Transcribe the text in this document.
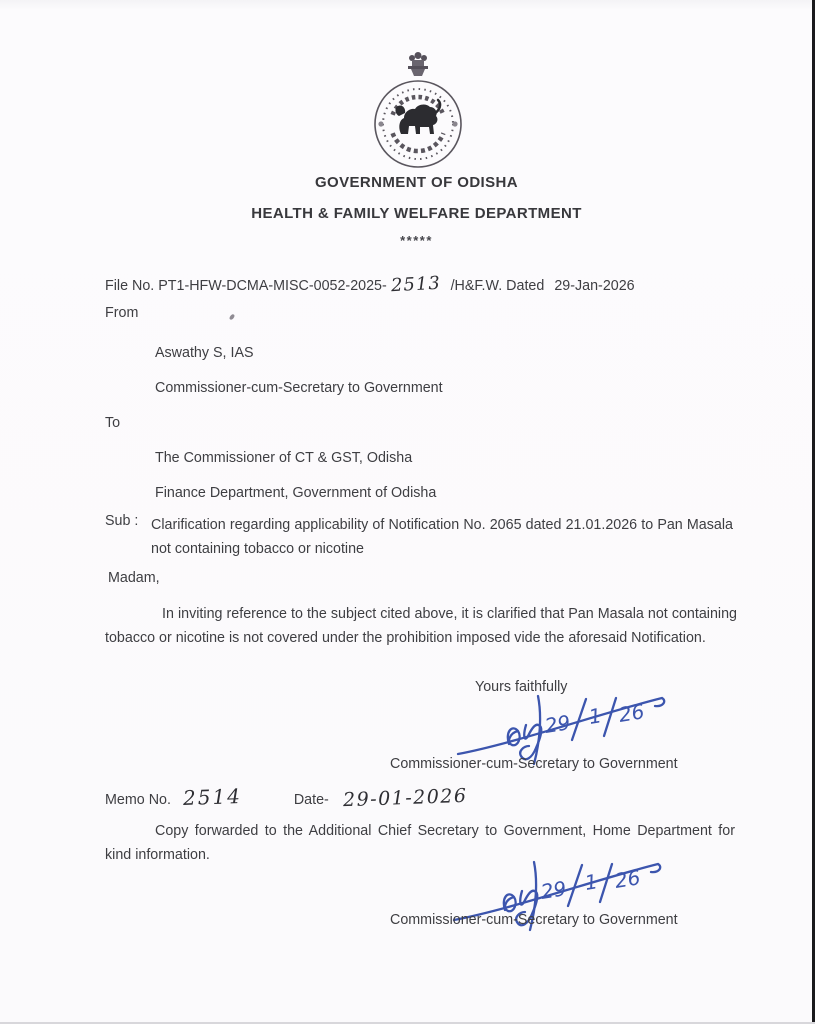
GOVERNMENT OF ODISHA
HEALTH & FAMILY WELFARE DEPARTMENT
*****
File No. PT1-HFW-DCMA-MISC-0052-2025- 2513 /H&F.W. Dated 29-Jan-2026
From
Aswathy S, IAS
Commissioner-cum-Secretary to Government
To
The Commissioner of CT & GST, Odisha
Finance Department, Government of Odisha
Sub : Clarification regarding applicability of Notification No. 2065 dated 21.01.2026 to Pan Masala not containing tobacco or nicotine
Madam,
In inviting reference to the subject cited above, it is clarified that Pan Masala not containing tobacco or nicotine is not covered under the prohibition imposed vide the aforesaid Notification.
Yours faithfully
29 1 26
Commissioner-cum-Secretary to Government
Memo No. 2514	Date- 29-01-2026
Copy forwarded to the Additional Chief Secretary to Government, Home Department for kind information.
29 1 26
Commissioner-cum-Secretary to Government
